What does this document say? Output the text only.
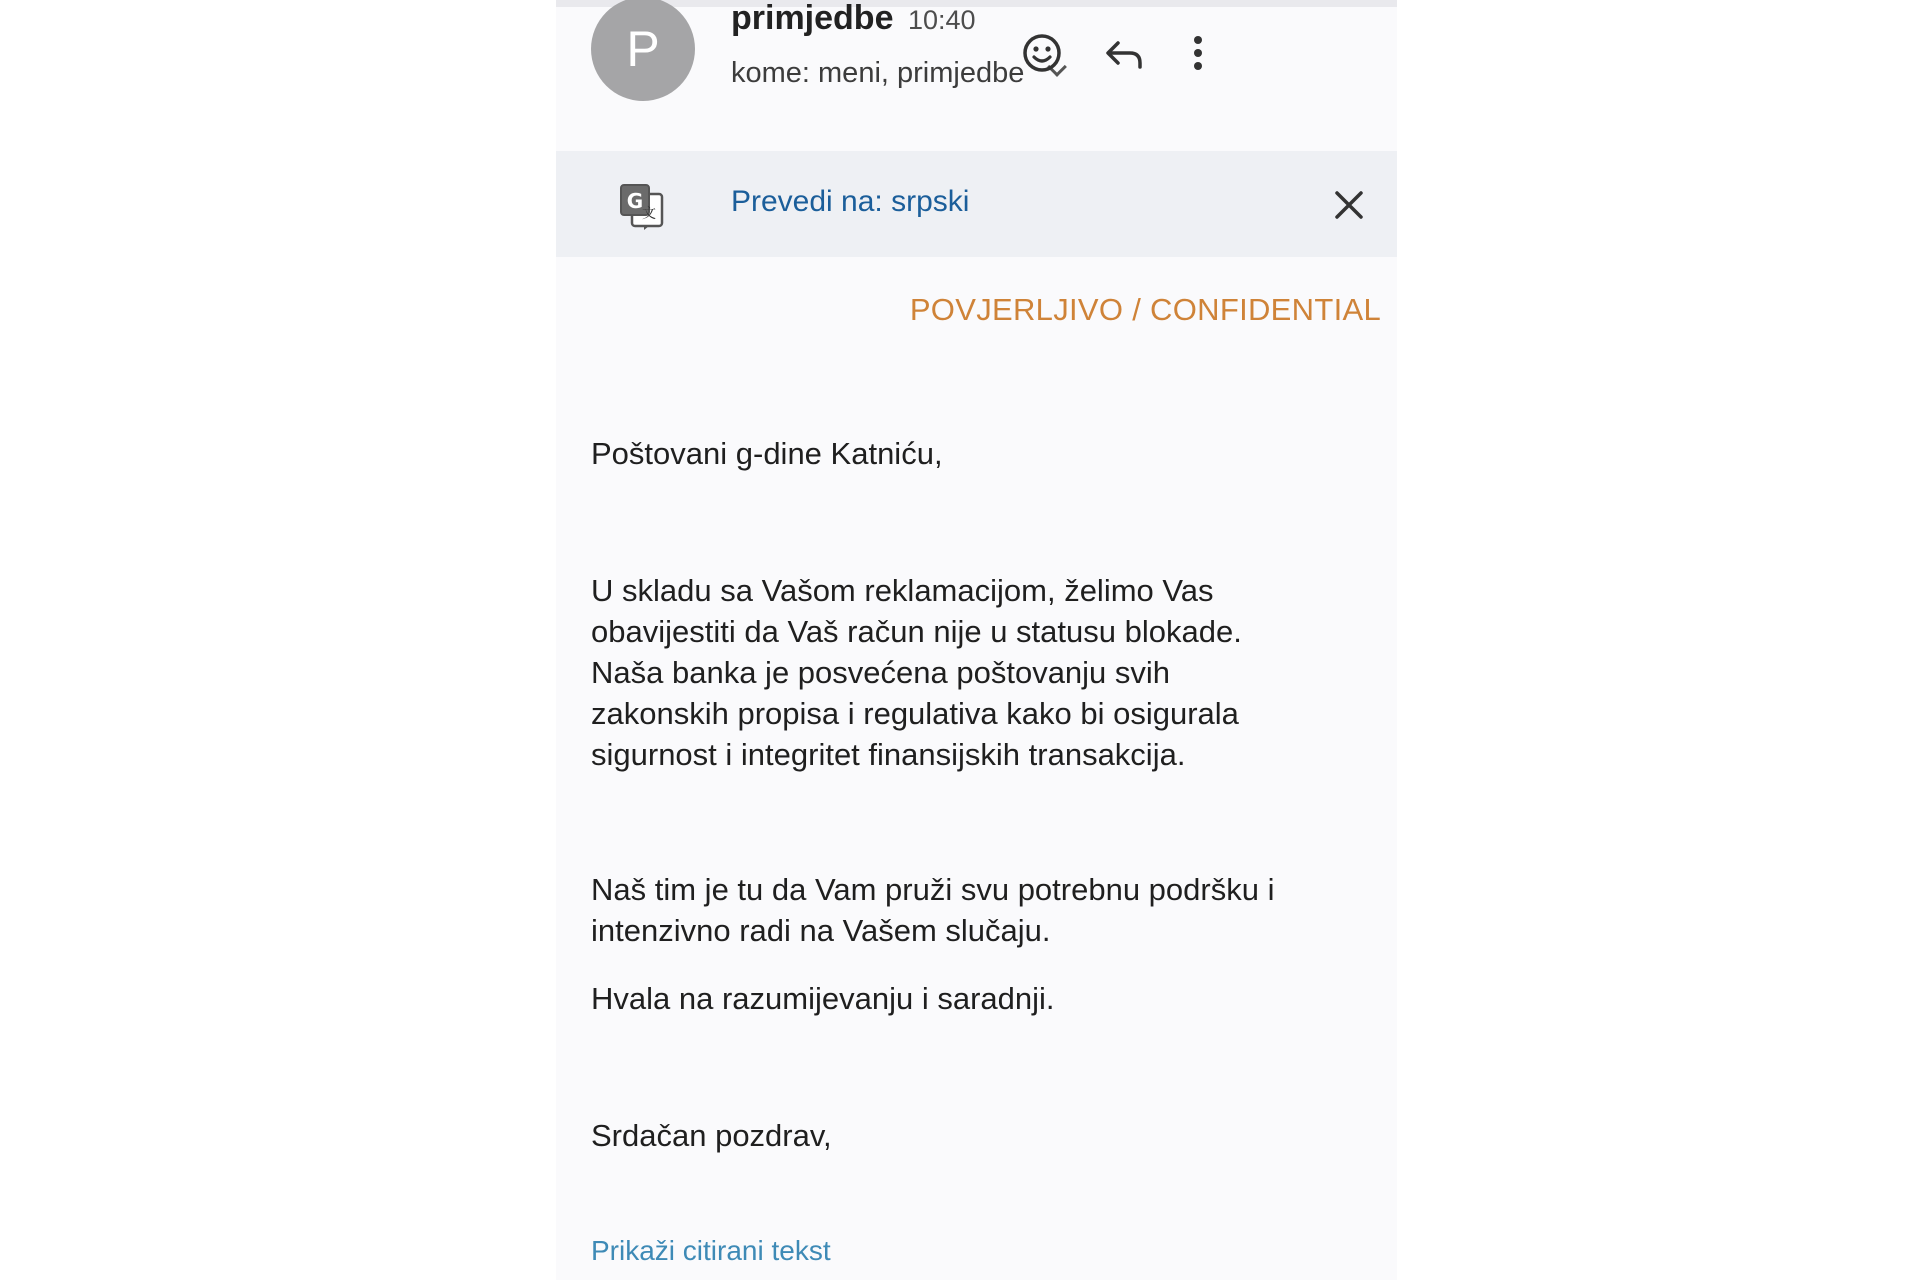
P
primjedbe 10:40
kome: meni, primjedbe
G
文	Prevedi na: srpski
POVJERLJIVO / CONFIDENTIAL
Poštovani g-dine Katniću,
U skladu sa Vašom reklamacijom, želimo Vas
obavijestiti da Vaš račun nije u statusu blokade.
Naša banka je posvećena poštovanju svih
zakonskih propisa i regulativa kako bi osigurala
sigurnost i integritet finansijskih transakcija.
Naš tim je tu da Vam pruži svu potrebnu podršku i
intenzivno radi na Vašem slučaju.
Hvala na razumijevanju i saradnji.
Srdačan pozdrav,
Prikaži citirani tekst
